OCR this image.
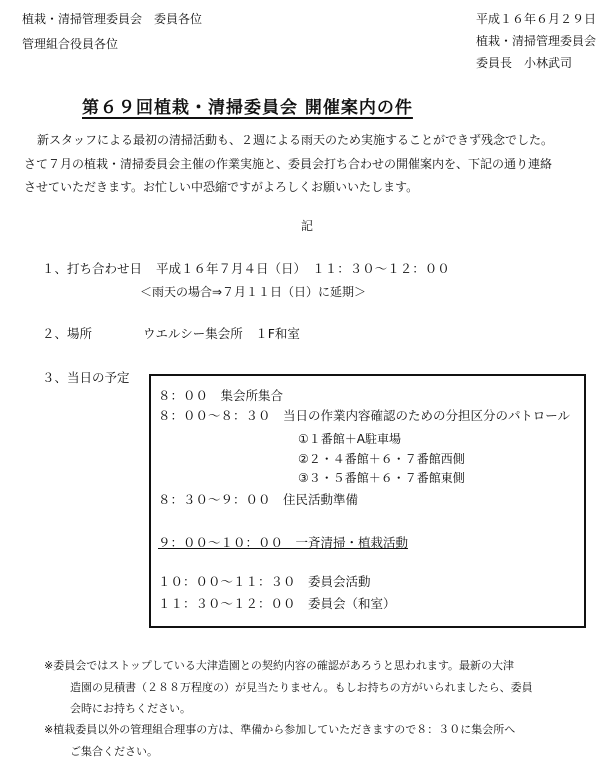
植栽・清掃管理委員会　委員各位
管理組合役員各位
平成１６年６月２９日
植栽・清掃管理委員会
委員長　小林武司
第６９回植栽・清掃委員会 開催案内の件
新スタッフによる最初の清掃活動も、２週による雨天のため実施することができず残念でした。
さて７月の植栽・清掃委員会主催の作業実施と、委員会打ち合わせの開催案内を、下記の通り連絡
させていただきます。お忙しい中恐縮ですがよろしくお願いいたします。
記
１、打ち合わせ日 平成１６年７月４日（日）　１１：３０～１２：００
＜雨天の場合⇒７月１１日（日）に延期＞
２、場所	ウエルシー集会所　１F和室
３、当日の予定
８：００　集会所集合
８：００～８：３０　当日の作業内容確認のための分担区分のパトロール
①１番館＋A駐車場
②２・４番館＋６・７番館西側
③３・５番館＋６・７番館東側
８：３０～９：００　住民活動準備
９：００～１０：００　一斉清掃・植栽活動
１０：００～１１：３０　委員会活動
１１：３０～１２：００　委員会（和室）
※委員会ではストップしている大津造園との契約内容の確認があろうと思われます。最新の大津
造園の見積書（２８８万程度の）が見当たりません。もしお持ちの方がいられましたら、委員
会時にお持ちください。
※植栽委員以外の管理組合理事の方は、準備から参加していただきますので８：３０に集会所へ
ご集合ください。
